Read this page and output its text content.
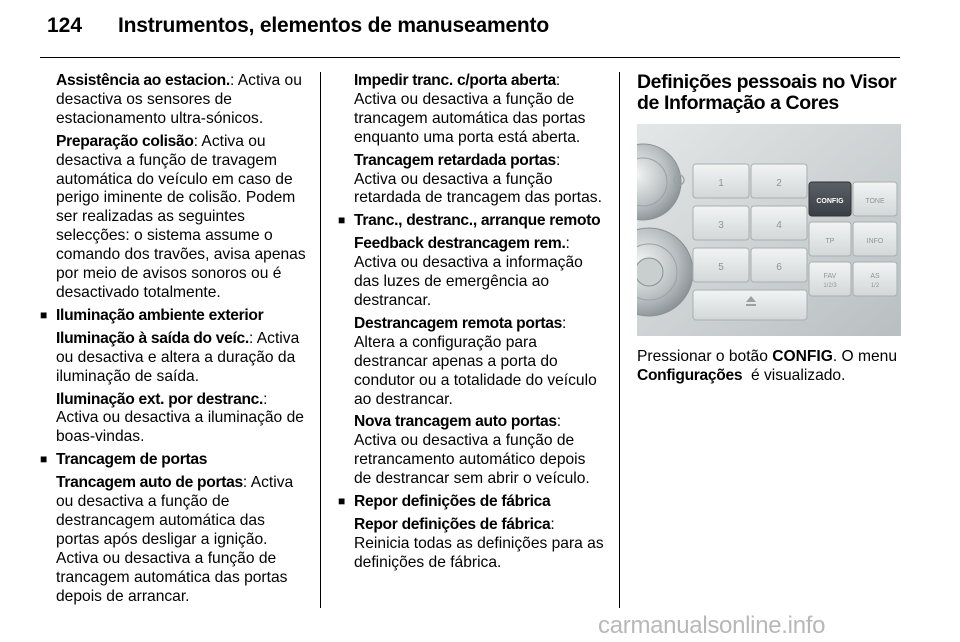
124 Instrumentos, elementos de manuseamento
Assistência ao estacion.: Activa ou desactiva os sensores de estacionamento ultra-sónicos.
Preparação colisão: Activa ou desactiva a função de travagem automática do veículo em caso de perigo iminente de colisão. Podem ser realizadas as seguintes selecções: o sistema assume o comando dos travões, avisa apenas por meio de avisos sonoros ou é desactivado totalmente.
■ Iluminação ambiente exterior
Iluminação à saída do veíc.: Activa ou desactiva e altera a duração da iluminação de saída.
Iluminação ext. por destranc.: Activa ou desactiva a iluminação de boas-vindas.
■ Trancagem de portas
Trancagem auto de portas: Activa ou desactiva a função de destrancagem automática das portas após desligar a ignição. Activa ou desactiva a função de trancagem automática das portas depois de arrancar.
Impedir tranc. c/porta aberta: Activa ou desactiva a função de trancagem automática das portas enquanto uma porta está aberta.
Trancagem retardada portas: Activa ou desactiva a função retardada de trancagem das portas.
■ Tranc., destranc., arranque remoto
Feedback destrancagem rem.: Activa ou desactiva a informação das luzes de emergência ao destrancar.
Destrancagem remota portas: Altera a configuração para destrancar apenas a porta do condutor ou a totalidade do veículo ao destrancar.
Nova trancagem auto portas: Activa ou desactiva a função de retrancamento automático depois de destrancar sem abrir o veículo.
■ Repor definições de fábrica
Repor definições de fábrica: Reinicia todas as definições para as definições de fábrica.
Definições pessoais no Visor de Informação a Cores
1	2
3	4
5	6
CONFIG	TONE
TP	INFO
FAV
1/2/3
AS
1/2
Pressionar o botão CONFIG. O menu Configurações  é visualizado.
carmanualsonline.info
